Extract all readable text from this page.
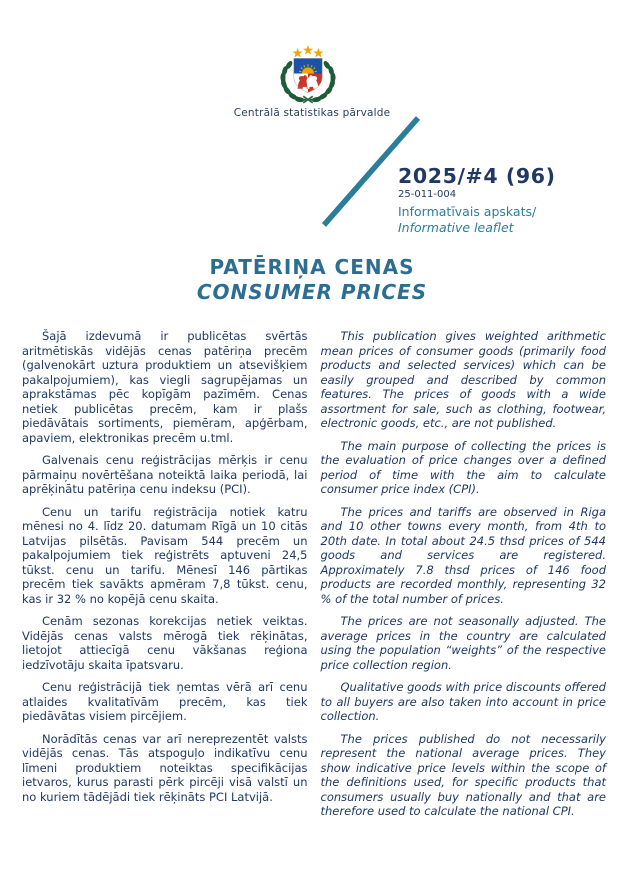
Centrālā statistikas pārvalde
2025/#4 (96)
25-011-004
Informatīvais apskats/
Informative leaflet
PATĒRIŅA CENAS
CONSUMER PRICES

Šajā izdevumā ir publicētas svērtās aritmētiskās vidējās cenas patēriņa precēm (galvenokārt uztura produktiem un atsevišķiem pakalpojumiem), kas viegli sagrupējamas un aprakstāmas pēc kopīgām pazīmēm. Cenas netiek publicētas precēm, kam ir plašs piedāvātais sortiments, piemēram, apģērbam, apaviem, elektronikas precēm u.tml.

Galvenais cenu reģistrācijas mērķis ir cenu pārmaiņu novērtēšana noteiktā laika periodā, lai aprēķinātu patēriņa cenu indeksu (PCI).

Cenu un tarifu reģistrācija notiek katru mēnesi no 4. līdz 20. datumam Rīgā un 10 citās Latvijas pilsētās. Pavisam 544 precēm un pakalpojumiem tiek reģistrēts aptuveni 24,5 tūkst. cenu un tarifu. Mēnesī 146 pārtikas precēm tiek savākts apmēram 7,8 tūkst. cenu, kas ir 32 % no kopējā cenu skaita.

Cenām sezonas korekcijas netiek veiktas. Vidējās cenas valsts mērogā tiek rēķinātas, lietojot attiecīgā cenu vākšanas reģiona iedzīvotāju skaita īpatsvaru.

Cenu reģistrācijā tiek ņemtas vērā arī cenu atlaides kvalitatīvām precēm, kas tiek piedāvātas visiem pircējiem.

Norādītās cenas var arī nereprezentēt valsts vidējās cenas. Tās atspoguļo indikatīvu cenu līmeni produktiem noteiktas specifikācijas ietvaros, kurus parasti pērk pircēji visā valstī un no kuriem tādējādi tiek rēķināts PCI Latvijā.

This publication gives weighted arithmetic mean prices of consumer goods (primarily food products and selected services) which can be easily grouped and described by common features. The prices of goods with a wide assortment for sale, such as clothing, footwear, electronic goods, etc., are not published.

The main purpose of collecting the prices is the evaluation of price changes over a defined period of time with the aim to calculate consumer price index (CPI).

The prices and tariffs are observed in Riga and 10 other towns every month, from 4th to 20th date. In total about 24.5 thsd prices of 544 goods and services are registered. Approximately 7.8 thsd prices of 146 food products are recorded monthly, representing 32 % of the total number of prices.

The prices are not seasonally adjusted. The average prices in the country are calculated using the population “weights” of the respective price collection region.

Qualitative goods with price discounts offered to all buyers are also taken into account in price collection.

The prices published do not necessarily represent the national average prices. They show indicative price levels within the scope of the definitions used, for specific products that consumers usually buy nationally and that are therefore used to calculate the national CPI.
